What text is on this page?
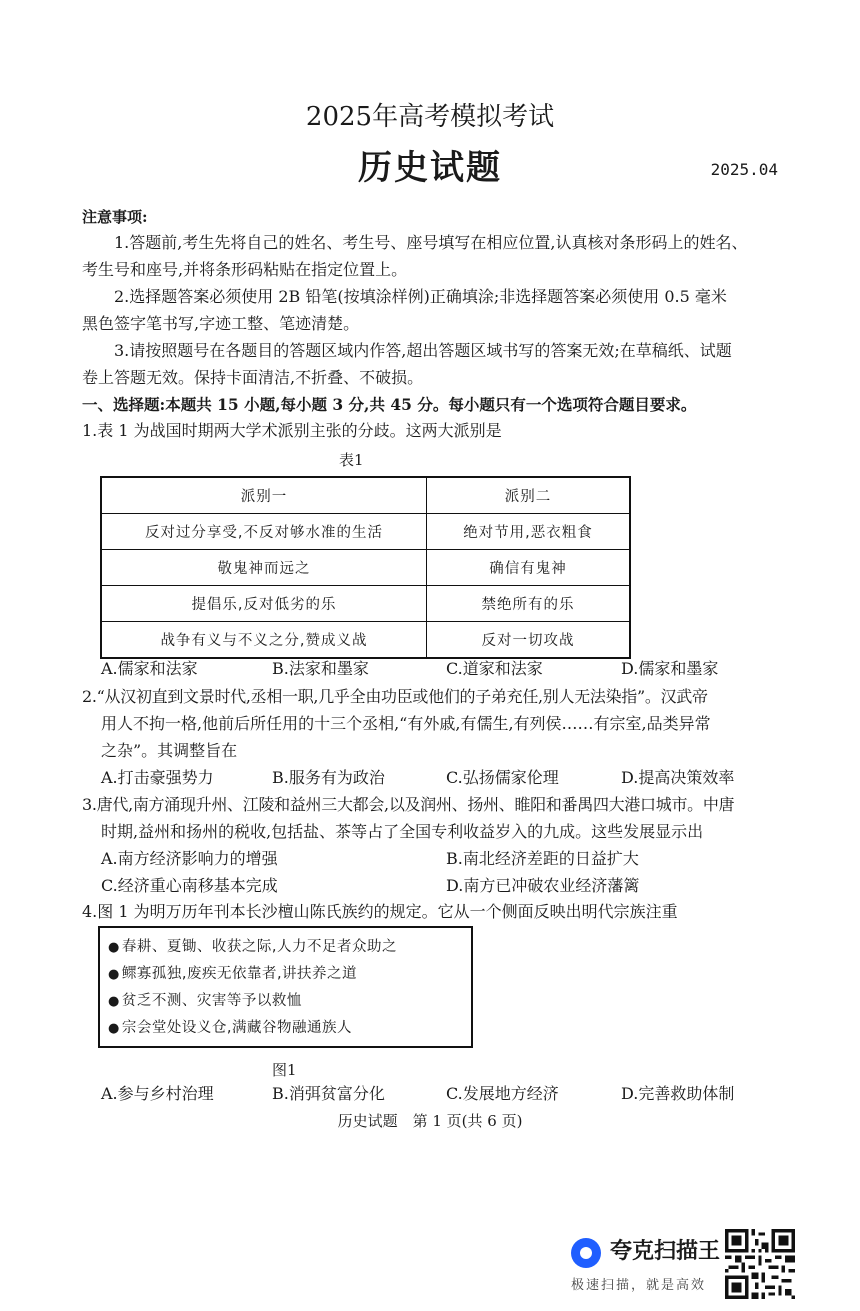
2025年高考模拟考试
历史试题	2025.04
注意事项:
1.答题前,考生先将自己的姓名、考生号、座号填写在相应位置,认真核对条形码上的姓名、
考生号和座号,并将条形码粘贴在指定位置上。
2.选择题答案必须使用 2B 铅笔(按填涂样例)正确填涂;非选择题答案必须使用 0.5 毫米
黑色签字笔书写,字迹工整、笔迹清楚。
3.请按照题号在各题目的答题区域内作答,超出答题区域书写的答案无效;在草稿纸、试题
卷上答题无效。保持卡面清洁,不折叠、不破损。
一、选择题:本题共 15 小题,每小题 3 分,共 45 分。每小题只有一个选项符合题目要求。
1.表 1 为战国时期两大学术派别主张的分歧。这两大派别是
表1
派别一	派别二
反对过分享受,不反对够水准的生活	绝对节用,恶衣粗食
敬鬼神而远之	确信有鬼神
提倡乐,反对低劣的乐	禁绝所有的乐
战争有义与不义之分,赞成义战	反对一切攻战
A.儒家和法家	B.法家和墨家	C.道家和法家	D.儒家和墨家
2.“从汉初直到文景时代,丞相一职,几乎全由功臣或他们的子弟充任,别人无法染指”。汉武帝
用人不拘一格,他前后所任用的十三个丞相,“有外戚,有儒生,有列侯……有宗室,品类异常
之杂”。其调整旨在
A.打击豪强势力	B.服务有为政治	C.弘扬儒家伦理	D.提高决策效率
3.唐代,南方涌现升州、江陵和益州三大都会,以及润州、扬州、睢阳和番禺四大港口城市。中唐
时期,益州和扬州的税收,包括盐、茶等占了全国专利收益岁入的九成。这些发展显示出
A.南方经济影响力的增强	B.南北经济差距的日益扩大
C.经济重心南移基本完成	D.南方已冲破农业经济藩篱
4.图 1 为明万历年刊本长沙檀山陈氏族约的规定。它从一个侧面反映出明代宗族注重
● 春耕、夏锄、收获之际,人力不足者众助之
● 鳏寡孤独,废疾无依靠者,讲扶养之道
● 贫乏不测、灾害等予以救恤
● 宗会堂处设义仓,满藏谷物融通族人
图1
A.参与乡村治理	B.消弭贫富分化	C.发展地方经济	D.完善救助体制
历史试题　第 1 页(共 6 页)
夸克扫描王
极速扫描，就是高效
